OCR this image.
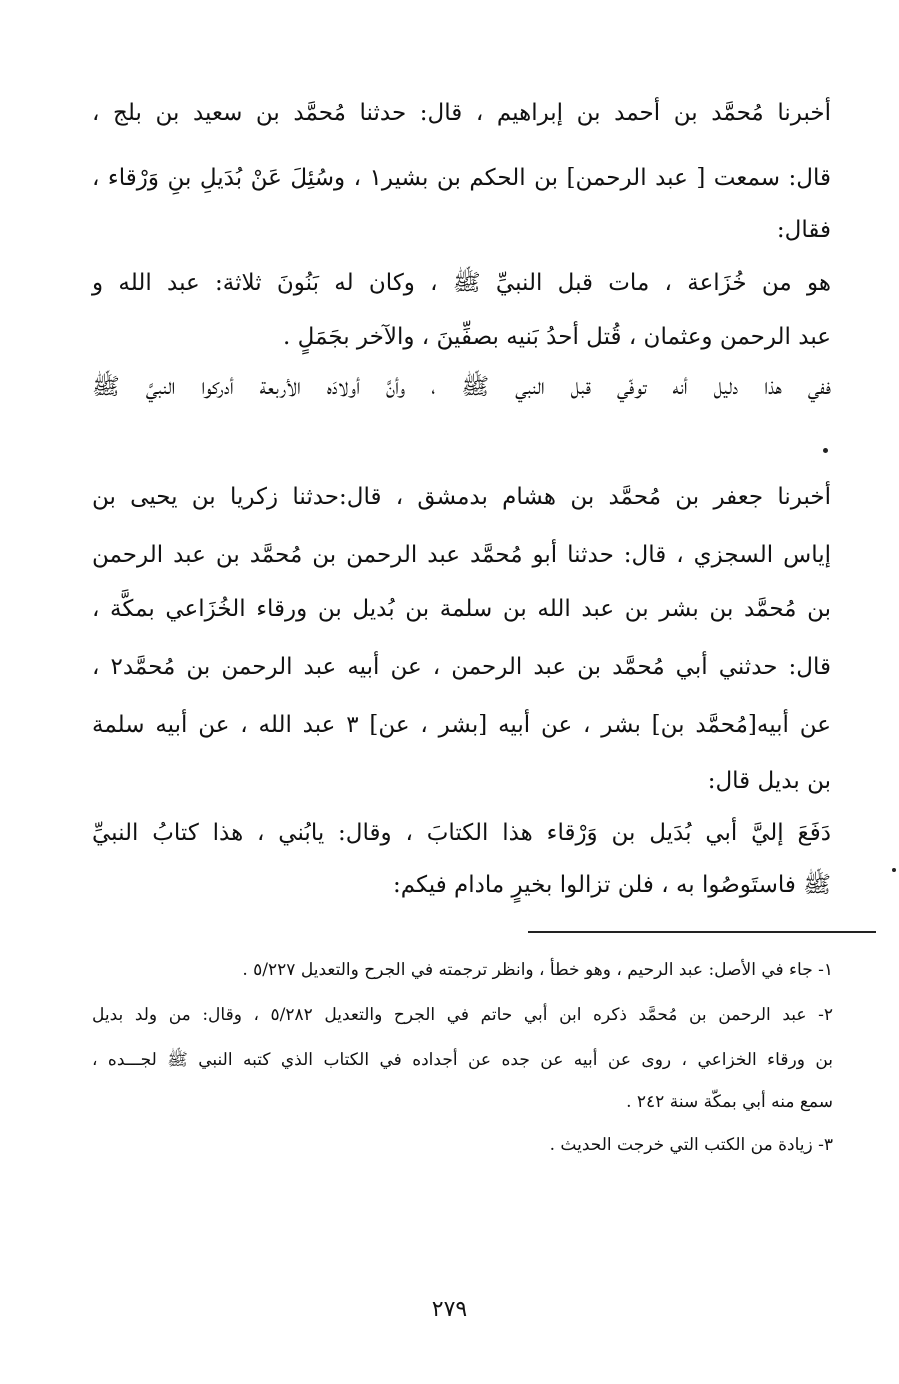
أخبرنا مُحمَّد بن أحمد بن إبراهيم ، قال: حدثنا مُحمَّد بن سعيد بن بلج ،
قال: سمعت [ عبد الرحمن] بن الحكم بن بشير١ ، وسُئِلَ عَنْ بُدَيلِ بنِ وَرْقاء ،
فقال:
هو من خُزَاعة ، مات قبل النبيِّ ﷺ ، وكان له بَنُونَ ثلاثة: عبد الله و
عبد الرحمن وعثمان ، قُتل أحدُ بَنيه بصفِّينَ ، والآخر بجَمَلٍ .
ففي هذا دليل أنه توفّي قبل النبي ﷺ ، وأنَّ أولادَه الأربعة أدركوا النبيَّ ﷺ
أخبرنا جعفر بن مُحمَّد بن هشام بدمشق ، قال:حدثنا زكريا بن يحيى بن
إياس السجزي ، قال: حدثنا أبو مُحمَّد عبد الرحمن بن مُحمَّد بن عبد الرحمن
بن مُحمَّد بن بشر بن عبد الله بن سلمة بن بُديل بن ورقاء الخُزَاعي بمكَّة ،
قال: حدثني أبي مُحمَّد بن عبد الرحمن ، عن أبيه عبد الرحمن بن مُحمَّد٢ ،
عن أبيه[مُحمَّد بن] بشر ، عن أبيه [بشر ، عن] ٣ عبد الله ، عن أبيه سلمة
بن بديل قال:
دَفَعَ إليَّ أبي بُدَيل بن وَرْقاء هذا الكتابَ ، وقال: يابُني ، هذا كتابُ النبيِّ
ﷺ فاستَوصُوا به ، فلن تزالوا بخيرٍ مادام فيكم:
١- جاء في الأصل: عبد الرحيم ، وهو خطأ ، وانظر ترجمته في الجرح والتعديل ٥/٢٢٧ .
٢- عبد الرحمن بن مُحمَّد ذكره ابن أبي حاتم في الجرح والتعديل ٥/٢٨٢ ، وقال: من ولد بديل
بن ورقاء الخزاعي ، روى عن أبيه عن جده عن أجداده في الكتاب الذي كتبه النبي ﷺ لجـــده ،
سمع منه أبي بمكّة سنة ٢٤٢ .
٣- زيادة من الكتب التي خرجت الحديث .
٢٧٩
